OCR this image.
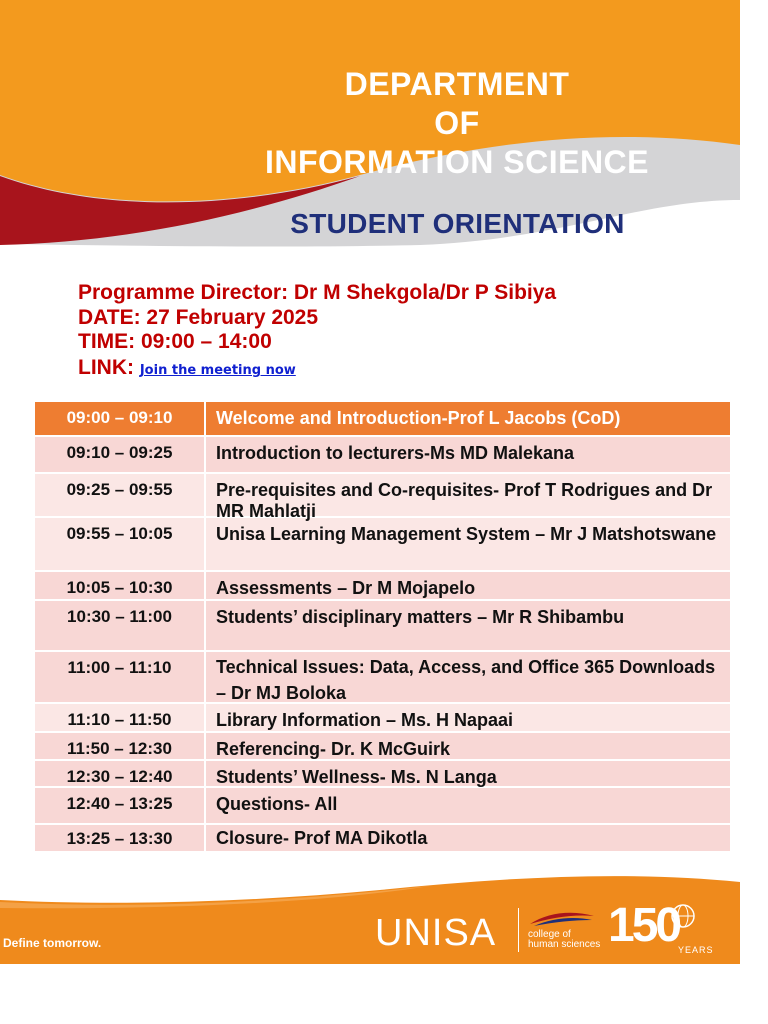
DEPARTMENT
OF
INFORMATION SCIENCE
STUDENT ORIENTATION
Programme Director: Dr M Shekgola/Dr P Sibiya
DATE: 27 February 2025
TIME: 09:00 – 14:00
LINK: Join the meeting now
09:00 – 09:10	Welcome and Introduction-Prof L Jacobs (CoD)
09:10 – 09:25	Introduction to lecturers-Ms MD Malekana
09:25 – 09:55	Pre-requisites and Co-requisites- Prof T Rodrigues and Dr MR Mahlatji
09:55 – 10:05	Unisa Learning Management System – Mr J Matshotswane
10:05 – 10:30	Assessments – Dr M Mojapelo
10:30 – 11:00	Students’ disciplinary matters – Mr R Shibambu
11:00 – 11:10	Technical Issues: Data, Access, and Office 365 Downloads – Dr MJ Boloka
11:10 – 11:50	Library Information – Ms. H Napaai
11:50 – 12:30	Referencing- Dr. K McGuirk
12:30 – 12:40	Students’ Wellness- Ms. N Langa
12:40 – 13:25	Questions- All
13:25 – 13:30	Closure- Prof MA Dikotla
Define tomorrow.	UNISA	college of
human sciences 150
YEARS
